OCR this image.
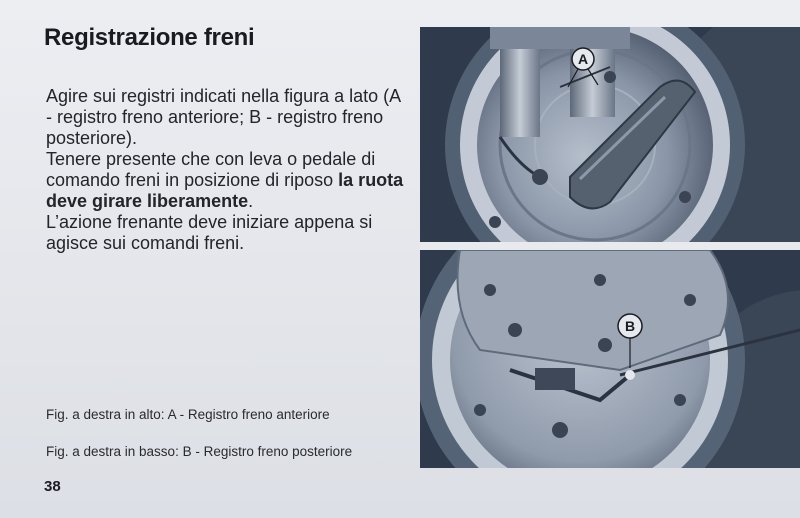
Registrazione freni

Agire sui registri indicati nella figura a lato (A - registro freno anteriore; B - registro freno posteriore).

Tenere presente che con leva o pedale di comando freni in posizione di riposo la ruota deve girare liberamente.

L’azione frenante deve iniziare appena si agisce sui comandi freni.

Fig. a destra in alto: A - Registro freno anteriore
Fig. a destra in basso: B - Registro freno posteriore
38
A
B
